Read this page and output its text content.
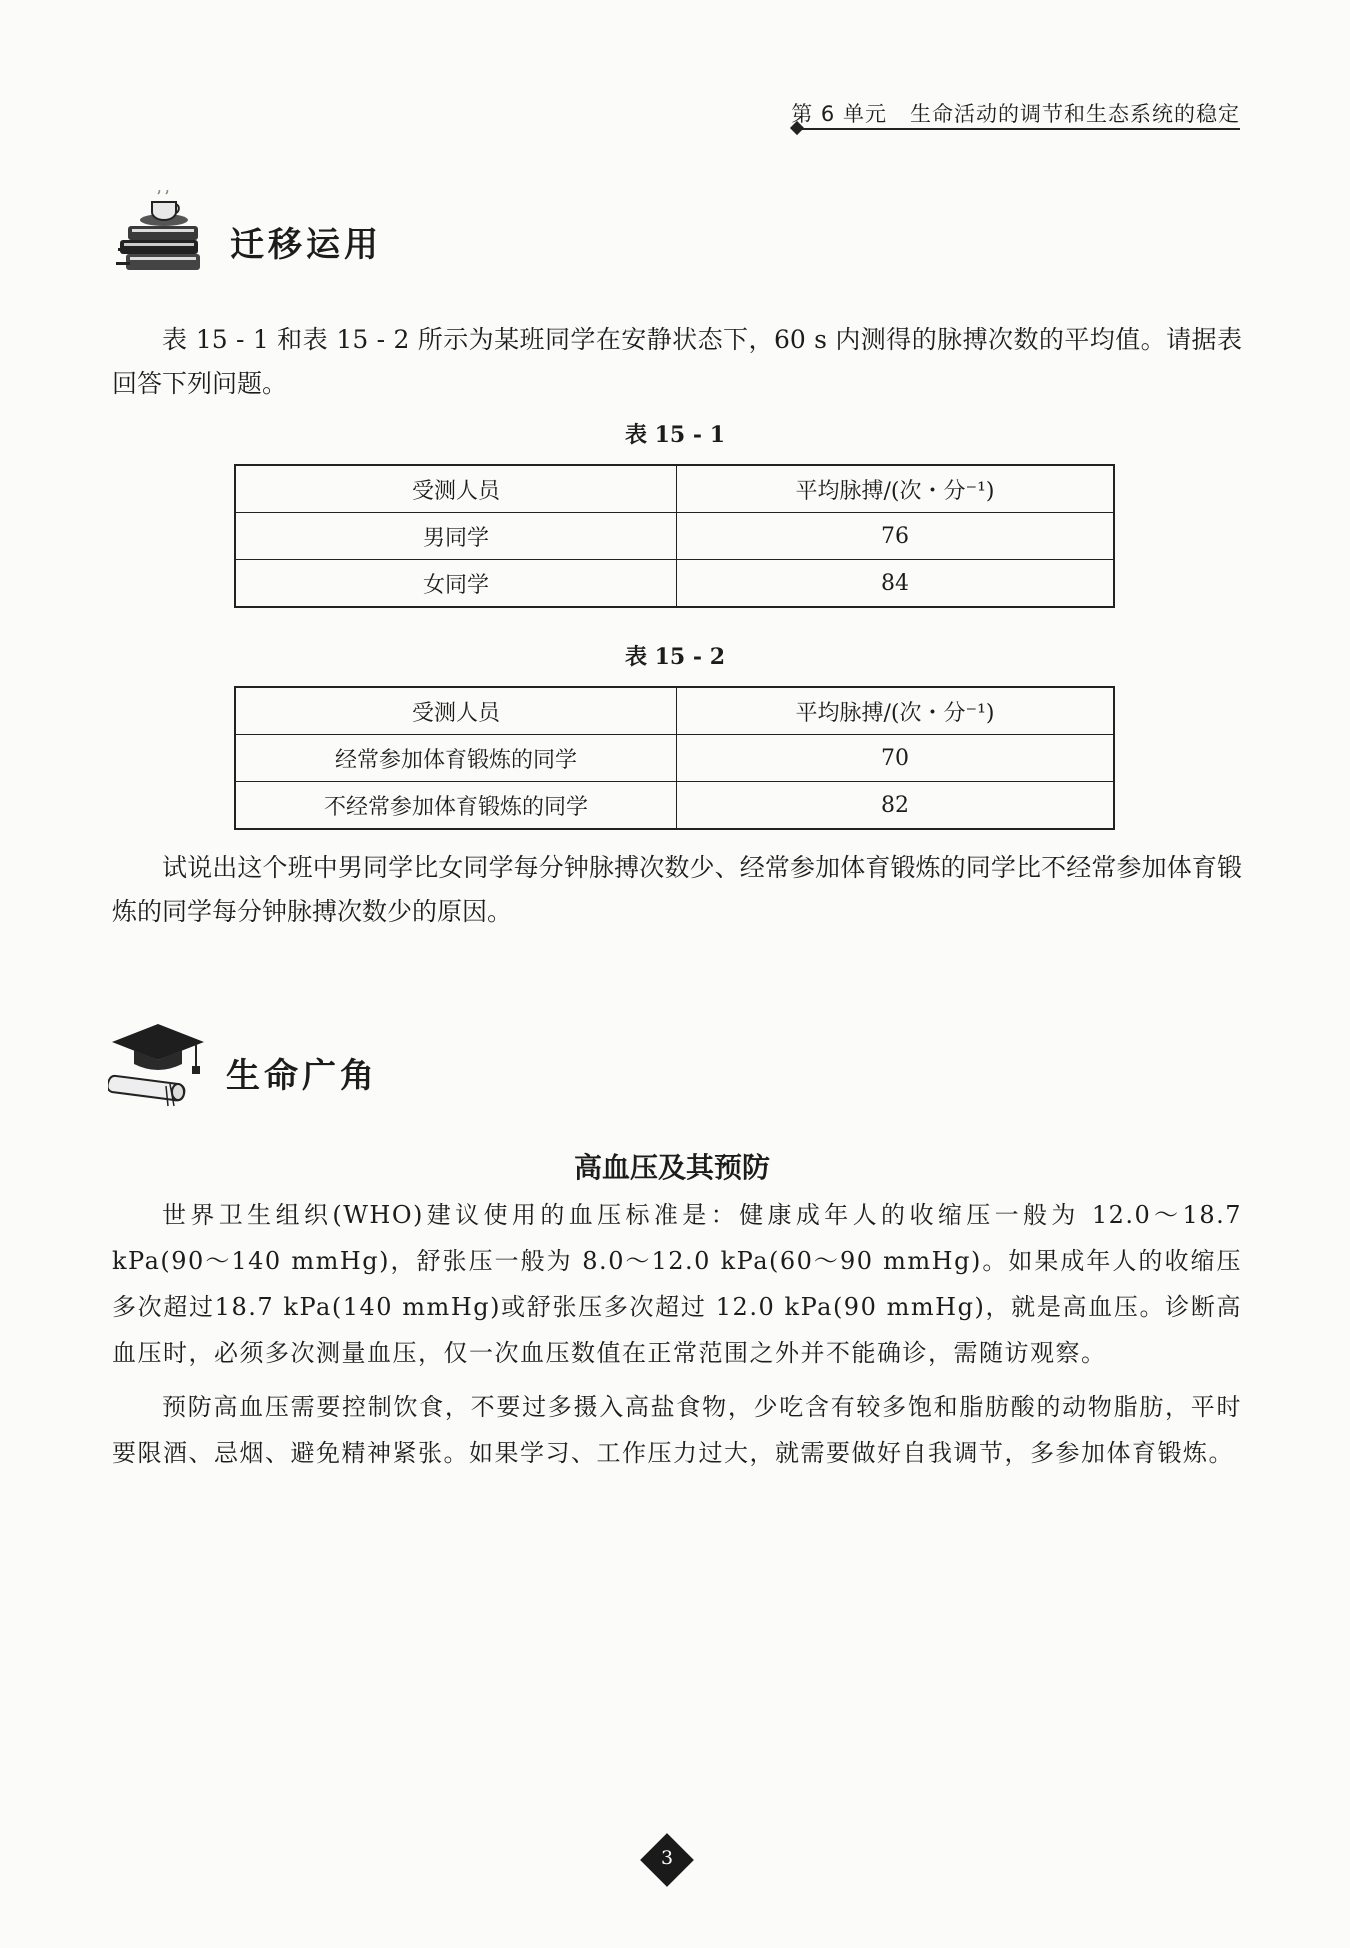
第 6 单元 生命活动的调节和生态系统的稳定
迁移运用
表 15 - 1 和表 15 - 2 所示为某班同学在安静状态下，60 s 内测得的脉搏次数的平均值。请据表回答下列问题。
表 15 - 1
受测人员	平均脉搏/(次・分⁻¹)
男同学	76
女同学	84
表 15 - 2
受测人员	平均脉搏/(次・分⁻¹)
经常参加体育锻炼的同学	70
不经常参加体育锻炼的同学	82
试说出这个班中男同学比女同学每分钟脉搏次数少、经常参加体育锻炼的同学比不经常参加体育锻炼的同学每分钟脉搏次数少的原因。
生命广角
高血压及其预防
世界卫生组织(WHO)建议使用的血压标准是：健康成年人的收缩压一般为 12.0～18.7 kPa(90～140 mmHg)，舒张压一般为 8.0～12.0 kPa(60～90 mmHg)。如果成年人的收缩压多次超过18.7 kPa(140 mmHg)或舒张压多次超过 12.0 kPa(90 mmHg)，就是高血压。诊断高血压时，必须多次测量血压，仅一次血压数值在正常范围之外并不能确诊，需随访观察。
预防高血压需要控制饮食，不要过多摄入高盐食物，少吃含有较多饱和脂肪酸的动物脂肪，平时要限酒、忌烟、避免精神紧张。如果学习、工作压力过大，就需要做好自我调节，多参加体育锻炼。
3
